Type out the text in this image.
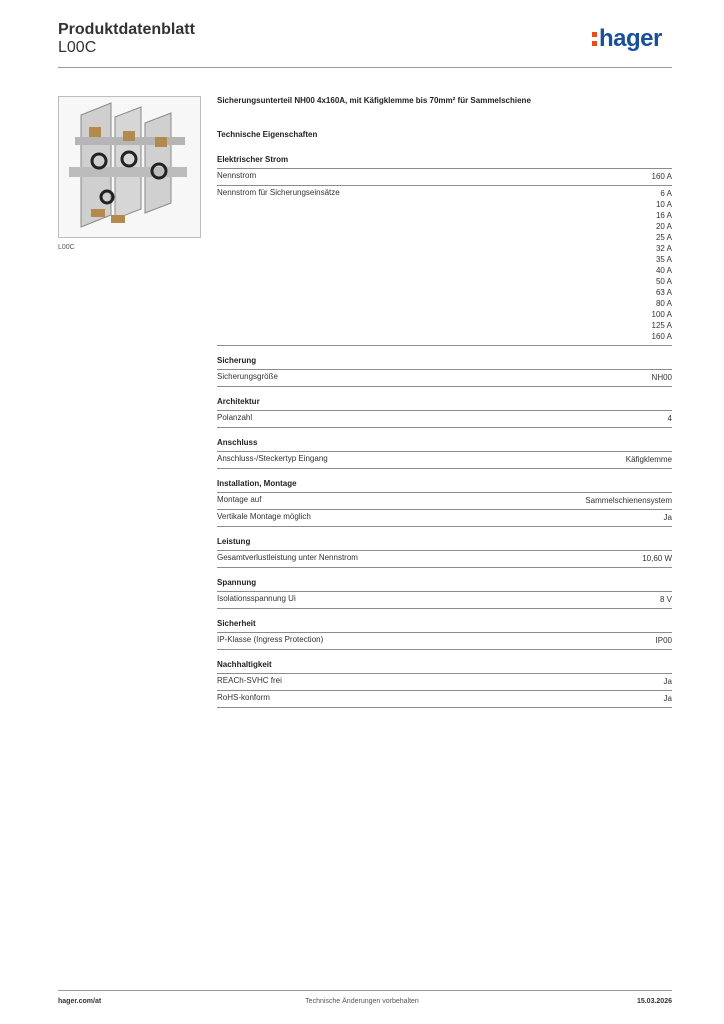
Produktdatenblatt
L00C	hager
L00C
Sicherungsunterteil NH00 4x160A, mit Käfigklemme bis 70mm² für Sammelschiene
Technische Eigenschaften
Elektrischer Strom
Nennstrom	160 A
Nennstrom für Sicherungseinsätze	6 A
10 A
16 A
20 A
25 A
32 A
35 A
40 A
50 A
63 A
80 A
100 A
125 A
160 A
Sicherung
Sicherungsgröße	NH00
Architektur
Polanzahl	4
Anschluss
Anschluss-/Steckertyp Eingang	Käfigklemme
Installation, Montage
Montage auf	Sammelschienensystem
Vertikale Montage möglich	Ja
Leistung
Gesamtverlustleistung unter Nennstrom	10,60 W
Spannung
Isolationsspannung Ui	8 V
Sicherheit
IP-Klasse (Ingress Protection)	IP00
Nachhaltigkeit
REACh-SVHC frei	Ja
RoHS-konform	Ja
hager.com/at	Technische Änderungen vorbehalten	15.03.2026
